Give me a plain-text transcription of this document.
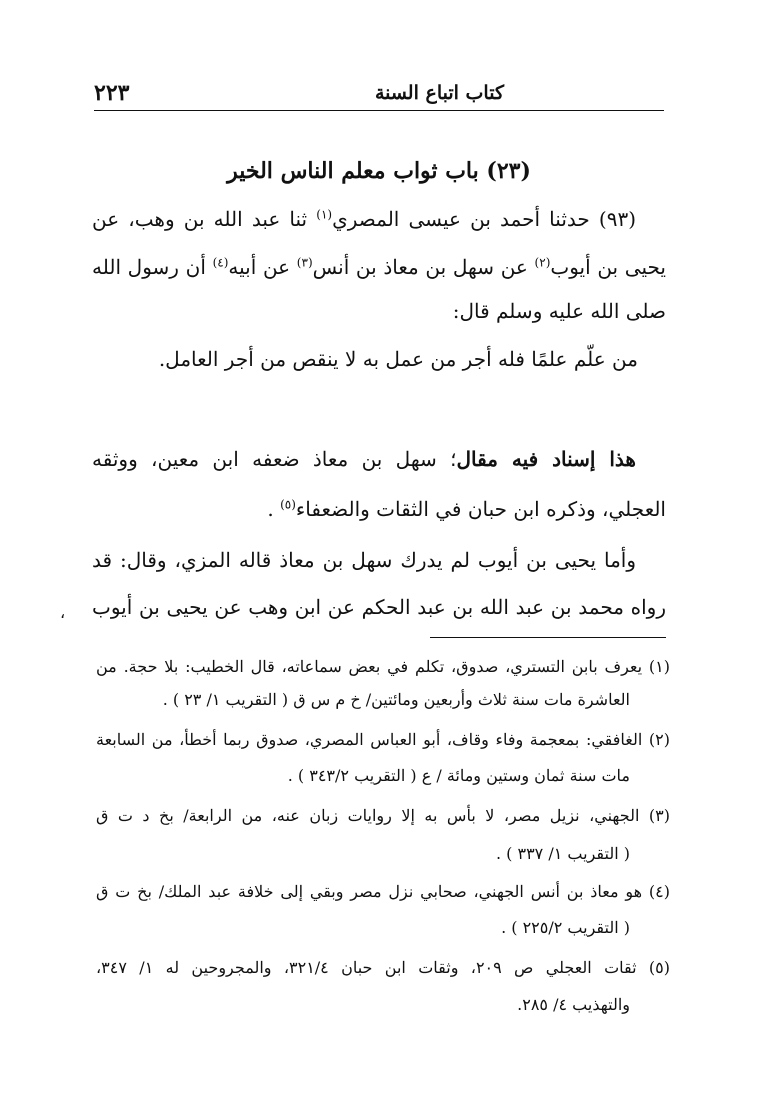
كتاب اتباع السنة
٢٢٣
(٢٣) باب ثواب معلم الناس الخير
(٩٣) حدثنا أحمد بن عيسى المصري$^{(١)}$ ثنا عبد الله بن وهب، عن
يحيى بن أيوب$^{(٢)}$ عن سهل بن معاذ بن أنس$^{(٣)}$ عن أبيه$^{(٤)}$ أن رسول الله
صلى الله عليه وسلم قال:
من علّم علمًا فله أجر من عمل به لا ينقص من أجر العامل.
هذا إسناد فيه مقال؛ سهل بن معاذ ضعفه ابن معين، ووثقه
العجلي، وذكره ابن حبان في الثقات والضعفاء$^{(٥)}$ .
وأما يحيى بن أيوب لم يدرك سهل بن معاذ قاله المزي، وقال: قد
رواه محمد بن عبد الله بن عبد الحكم عن ابن وهب عن يحيى بن أيوب
،
(١) يعرف بابن التستري، صدوق، تكلم في بعض سماعاته، قال الخطيب: بلا حجة. من
العاشرة مات سنة ثلاث وأربعين ومائتين/ خ م س ق ( التقريب ١/ ٢٣ ) .
(٢) الغافقي: بمعجمة وفاء وقاف، أبو العباس المصري، صدوق ربما أخطأ، من السابعة
مات سنة ثمان وستين ومائة / ع ( التقريب ٣٤٣/٢ ) .
(٣) الجهني، نزيل مصر، لا بأس به إلا روايات زبان عنه، من الرابعة/ بخ د ت ق
( التقريب ١/ ٣٣٧ ) .
(٤) هو معاذ بن أنس الجهني، صحابي نزل مصر وبقي إلى خلافة عبد الملك/ بخ ت ق
( التقريب ٢٢٥/٢ ) .
(٥) ثقات العجلي ص ٢٠٩، وثقات ابن حبان ٣٢١/٤، والمجروحين له ١/ ٣٤٧،
والتهذيب ٤/ ٢٨٥.
